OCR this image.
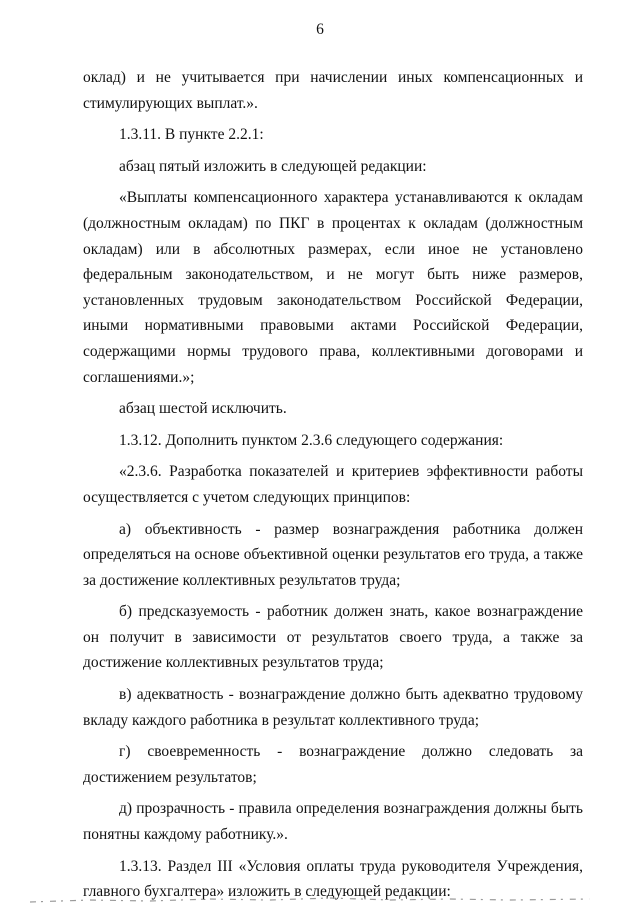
6

оклад) и не учитывается при начислении иных компенсационных и стимулирующих выплат.».

1.3.11. В пункте 2.2.1:

абзац пятый изложить в следующей редакции:

«Выплаты компенсационного характера устанавливаются к окладам (должностным окладам) по ПКГ в процентах к окладам (должностным окладам) или в абсолютных размерах, если иное не установлено федеральным законодательством, и не могут быть ниже размеров, установленных трудовым законодательством Российской Федерации, иными нормативными правовыми актами Российской Федерации, содержащими нормы трудового права, коллективными договорами и соглашениями.»;

абзац шестой исключить.

1.3.12. Дополнить пунктом 2.3.6 следующего содержания:

«2.3.6. Разработка показателей и критериев эффективности работы осуществляется с учетом следующих принципов:

а) объективность - размер вознаграждения работника должен определяться на основе объективной оценки результатов его труда, а также за достижение коллективных результатов труда;

б) предсказуемость - работник должен знать, какое вознаграждение он получит в зависимости от результатов своего труда, а также за достижение коллективных результатов труда;

в) адекватность - вознаграждение должно быть адекватно трудовому вкладу каждого работника в результат коллективного труда;

г) своевременность - вознаграждение должно следовать за достижением результатов;

д) прозрачность - правила определения вознаграждения должны быть понятны каждому работнику.».

1.3.13. Раздел III «Условия оплаты труда руководителя Учреждения, главного бухгалтера» изложить в следующей редакции:
